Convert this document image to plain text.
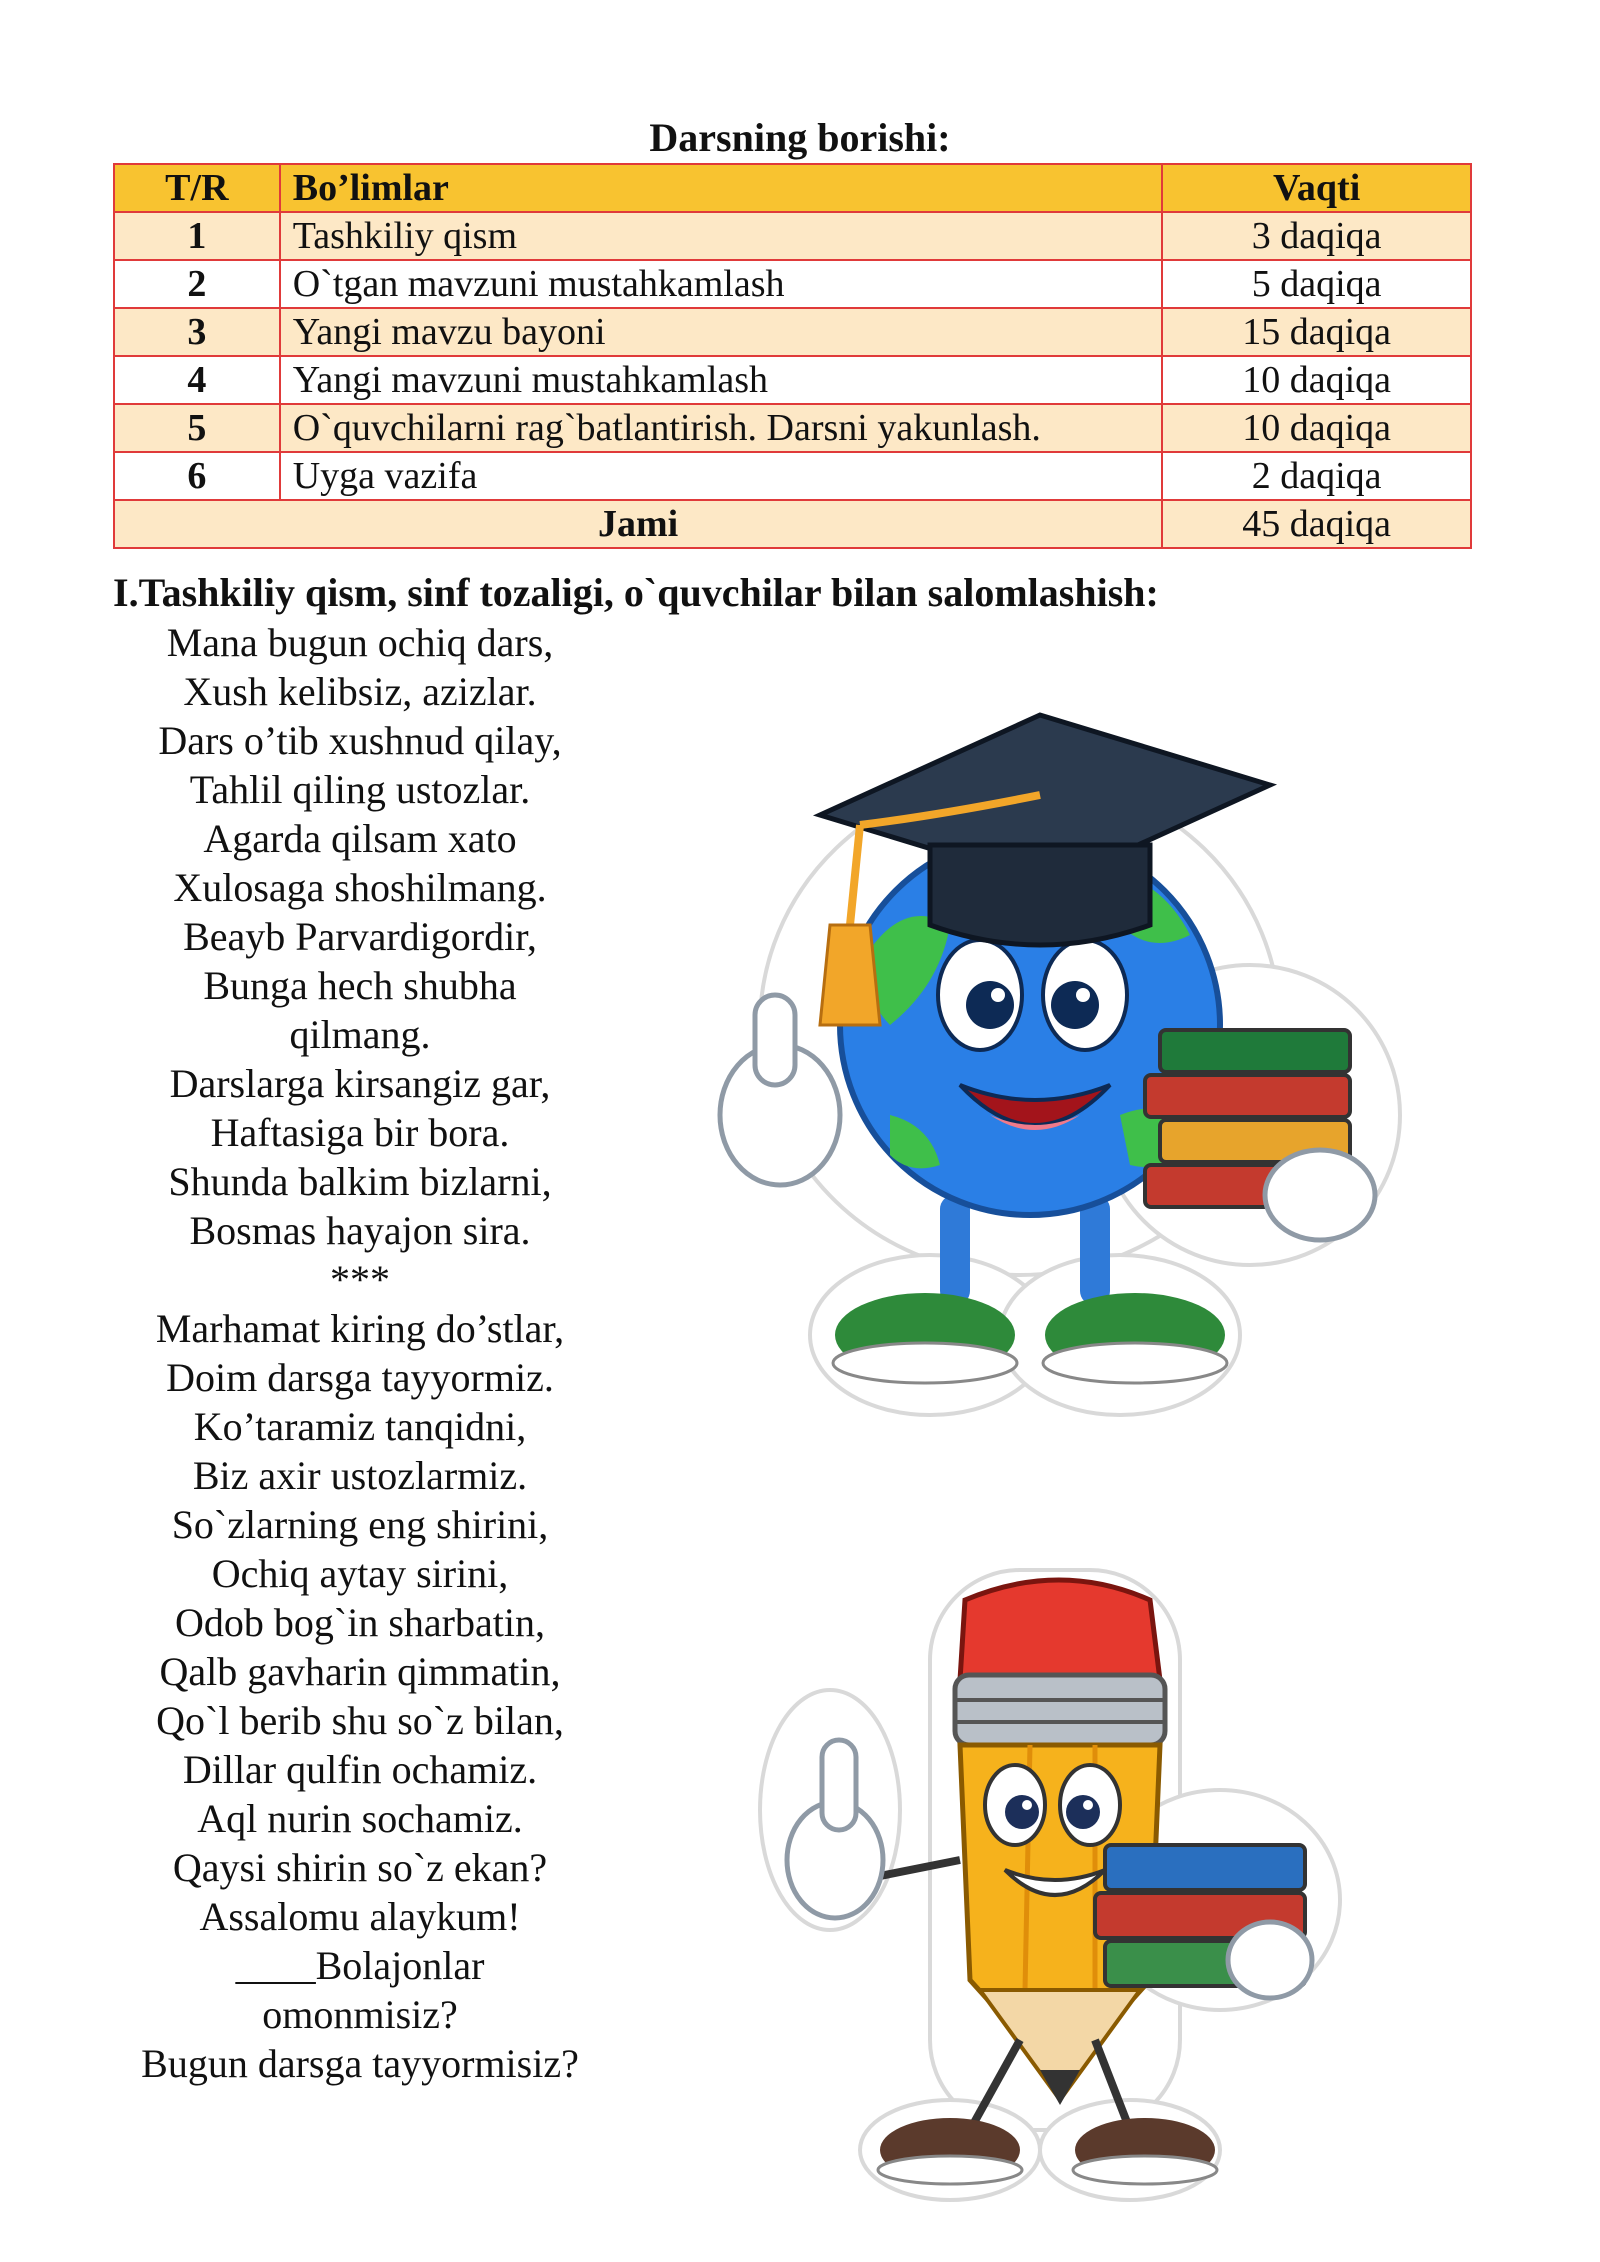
Darsning borishi:
T/R	Bo’limlar	Vaqti
1	Tashkiliy qism	3 daqiqa
2	O`tgan mavzuni mustahkamlash	5 daqiqa
3	Yangi mavzu bayoni	15 daqiqa
4	Yangi mavzuni mustahkamlash	10 daqiqa
5	O`quvchilarni rag`batlantirish. Darsni yakunlash.	10 daqiqa
6	Uyga vazifa	2 daqiqa
Jami		45 daqiqa
I.Tashkiliy qism, sinf tozaligi, o`quvchilar bilan salomlashish:
Mana bugun ochiq dars,
Xush kelibsiz, azizlar.
Dars o’tib xushnud qilay,
Tahlil qiling ustozlar.
Agarda qilsam xato
Xulosaga shoshilmang.
Beayb Parvardigordir,
Bunga hech shubha
qilmang.
Darslarga kirsangiz gar,
Haftasiga bir bora.
Shunda balkim bizlarni,
Bosmas hayajon sira.
***
Marhamat kiring do’stlar,
Doim darsga tayyormiz.
Ko’taramiz tanqidni,
Biz axir ustozlarmiz.
So`zlarning eng shirini,
Ochiq aytay sirini,
Odob bog`in sharbatin,
Qalb gavharin qimmatin,
Qo`l berib shu so`z bilan,
Dillar qulfin ochamiz.
Aql nurin sochamiz.
Qaysi shirin so`z ekan?
Assalomu alaykum!
____Bolajonlar
omonmisiz?
Bugun darsga tayyormisiz?
